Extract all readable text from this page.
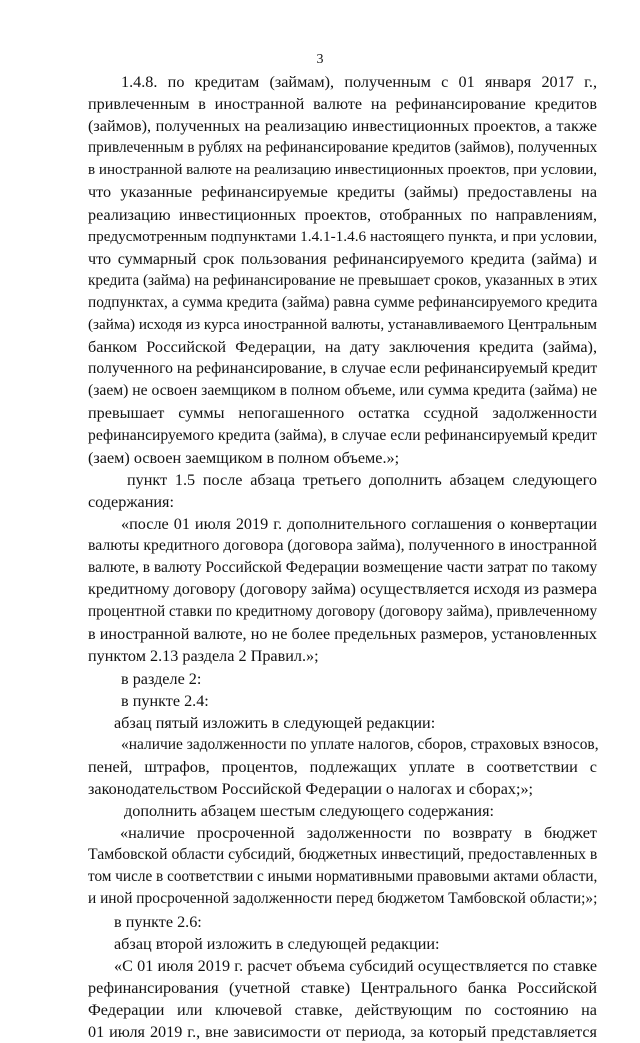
3
1.4.8. по кредитам (займам), полученным с 01 января 2017 г.,
привлеченным в иностранной валюте на рефинансирование кредитов
(займов), полученных на реализацию инвестиционных проектов, а также
привлеченным в рублях на рефинансирование кредитов (займов), полученных
в иностранной валюте на реализацию инвестиционных проектов, при условии,
что указанные рефинансируемые кредиты (займы) предоставлены на
реализацию инвестиционных проектов, отобранных по направлениям,
предусмотренным подпунктами 1.4.1-1.4.6 настоящего пункта, и при условии,
что суммарный срок пользования рефинансируемого кредита (займа) и
кредита (займа) на рефинансирование не превышает сроков, указанных в этих
подпунктах, а сумма кредита (займа) равна сумме рефинансируемого кредита
(займа) исходя из курса иностранной валюты, устанавливаемого Центральным
банком Российской Федерации, на дату заключения кредита (займа),
полученного на рефинансирование, в случае если рефинансируемый кредит
(заем) не освоен заемщиком в полном объеме, или сумма кредита (займа) не
превышает суммы непогашенного остатка ссудной задолженности
рефинансируемого кредита (займа), в случае если рефинансируемый кредит
(заем) освоен заемщиком в полном объеме.»;
пункт 1.5 после абзаца третьего дополнить абзацем следующего
содержания:
«после 01 июля 2019 г. дополнительного соглашения о конвертации
валюты кредитного договора (договора займа), полученного в иностранной
валюте, в валюту Российской Федерации возмещение части затрат по такому
кредитному договору (договору займа) осуществляется исходя из размера
процентной ставки по кредитному договору (договору займа), привлеченному
в иностранной валюте, но не более предельных размеров, установленных
пунктом 2.13 раздела 2 Правил.»;
в разделе 2:
в пункте 2.4:
абзац пятый изложить в следующей редакции:
«наличие задолженности по уплате налогов, сборов, страховых взносов,
пеней, штрафов, процентов, подлежащих уплате в соответствии с
законодательством Российской Федерации о налогах и сборах;»;
дополнить абзацем шестым следующего содержания:
«наличие просроченной задолженности по возврату в бюджет
Тамбовской области субсидий, бюджетных инвестиций, предоставленных в
том числе в соответствии с иными нормативными правовыми актами области,
и иной просроченной задолженности перед бюджетом Тамбовской области;»;
в пункте 2.6:
абзац второй изложить в следующей редакции:
«С 01 июля 2019 г. расчет объема субсидий осуществляется по ставке
рефинансирования (учетной ставке) Центрального банка Российской
Федерации или ключевой ставке, действующим по состоянию на
01 июля 2019 г., вне зависимости от периода, за который представляется
